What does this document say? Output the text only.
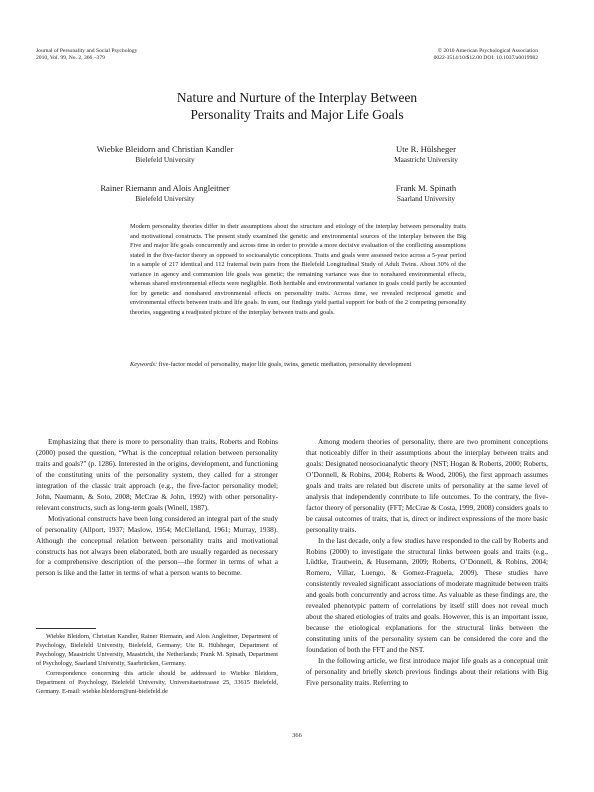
Journal of Personality and Social Psychology
2010, Vol. 99, No. 2, 366 –379
© 2010 American Psychological Association
0022-3514/10/$12.00 DOI: 10.1037/a0019982
Nature and Nurture of the Interplay Between
Personality Traits and Major Life Goals
Wiebke Bleidorn and Christian Kandler
Bielefeld University
Ute R. Hülsheger
Maastricht University
Rainer Riemann and Alois Angleitner
Bielefeld University
Frank M. Spinath
Saarland University
Modern personality theories differ in their assumptions about the structure and etiology of the interplay between personality traits and motivational constructs. The present study examined the genetic and environmental sources of the interplay between the Big Five and major life goals concurrently and across time in order to provide a more decisive evaluation of the conflicting assumptions stated in the five-factor theory as opposed to socioanalytic conceptions. Traits and goals were assessed twice across a 5-year period in a sample of 217 identical and 112 fraternal twin pairs from the Bielefeld Longitudinal Study of Adult Twins. About 30% of the variance in agency and communion life goals was genetic; the remaining variance was due to nonshared environmental effects, whereas shared environmental effects were negligible. Both heritable and environmental variance in goals could partly be accounted for by genetic and nonshared environmental effects on personality traits. Across time, we revealed reciprocal genetic and environmental effects between traits and life goals. In sum, our findings yield partial support for both of the 2 competing personality theories, suggesting a readjusted picture of the interplay between traits and goals.
Keywords: five-factor model of personality, major life goals, twins, genetic mediation, personality development

Emphasizing that there is more to personality than traits, Roberts and Robins (2000) posed the question, “What is the conceptual relation between personality traits and goals?” (p. 1286). Interested in the origins, development, and functioning of the constituting units of the personality system, they called for a stronger integration of the classic trait approach (e.g., the five-factor personality model; John, Naumann, & Soto, 2008; McCrae & John, 1992) with other personality-relevant constructs, such as long-term goals (Winell, 1987).

Motivational constructs have been long considered an integral part of the study of personality (Allport, 1937; Maslow, 1954; McClelland, 1961; Murray, 1938). Although the conceptual relation between personality traits and motivational constructs has not always been elaborated, both are usually regarded as necessary for a comprehensive description of the person—the former in terms of what a person is like and the latter in terms of what a person wants to become.

Wiebke Bleidorn, Christian Kandler, Rainer Riemann, and Alois Angleitner, Department of Psychology, Bielefeld University, Bielefeld, Germany; Ute R. Hülsheger, Department of Psychology, Maastricht University, Maastricht, the Netherlands; Frank M. Spinath, Department of Psychology, Saarland University, Saarbrücken, Germany.

Correspondence concerning this article should be addressed to Wiebke Bleidorn, Department of Psychology, Bielefeld University, Universitaetsstrasse 25, 33615 Bielefeld, Germany. E-mail: wiebke.bleidorn@uni-bielefeld.de

Among modern theories of personality, there are two prominent conceptions that noticeably differ in their assumptions about the interplay between traits and goals: Designated neosocioanalytic theory (NST; Hogan & Roberts, 2000; Roberts, O’Donnell, & Robins, 2004; Roberts & Wood, 2006), the first approach assumes goals and traits are related but discrete units of personality at the same level of analysis that independently contribute to life outcomes. To the contrary, the five-factor theory of personality (FFT; McCrae & Costa, 1999, 2008) considers goals to be causal outcomes of traits, that is, direct or indirect expressions of the more basic personality traits.

In the last decade, only a few studies have responded to the call by Roberts and Robins (2000) to investigate the structural links between goals and traits (e.g., Lüdtke, Trautwein, & Husemann, 2009; Roberts, O’Donnell, & Robins, 2004; Romero, Villar, Luengo, & Gomez-Fraguela, 2009). These studies have consistently revealed significant associations of moderate magnitude between traits and goals both concurrently and across time. As valuable as these findings are, the revealed phenotypic pattern of correlations by itself still does not reveal much about the shared etiologies of traits and goals. However, this is an important issue, because the etiological explanations for the structural links between the constituting units of the personality system can be considered the core and the foundation of both the FFT and the NST.

In the following article, we first introduce major life goals as a conceptual unit of personality and briefly sketch previous findings about their relations with Big Five personality traits. Referring to

366
